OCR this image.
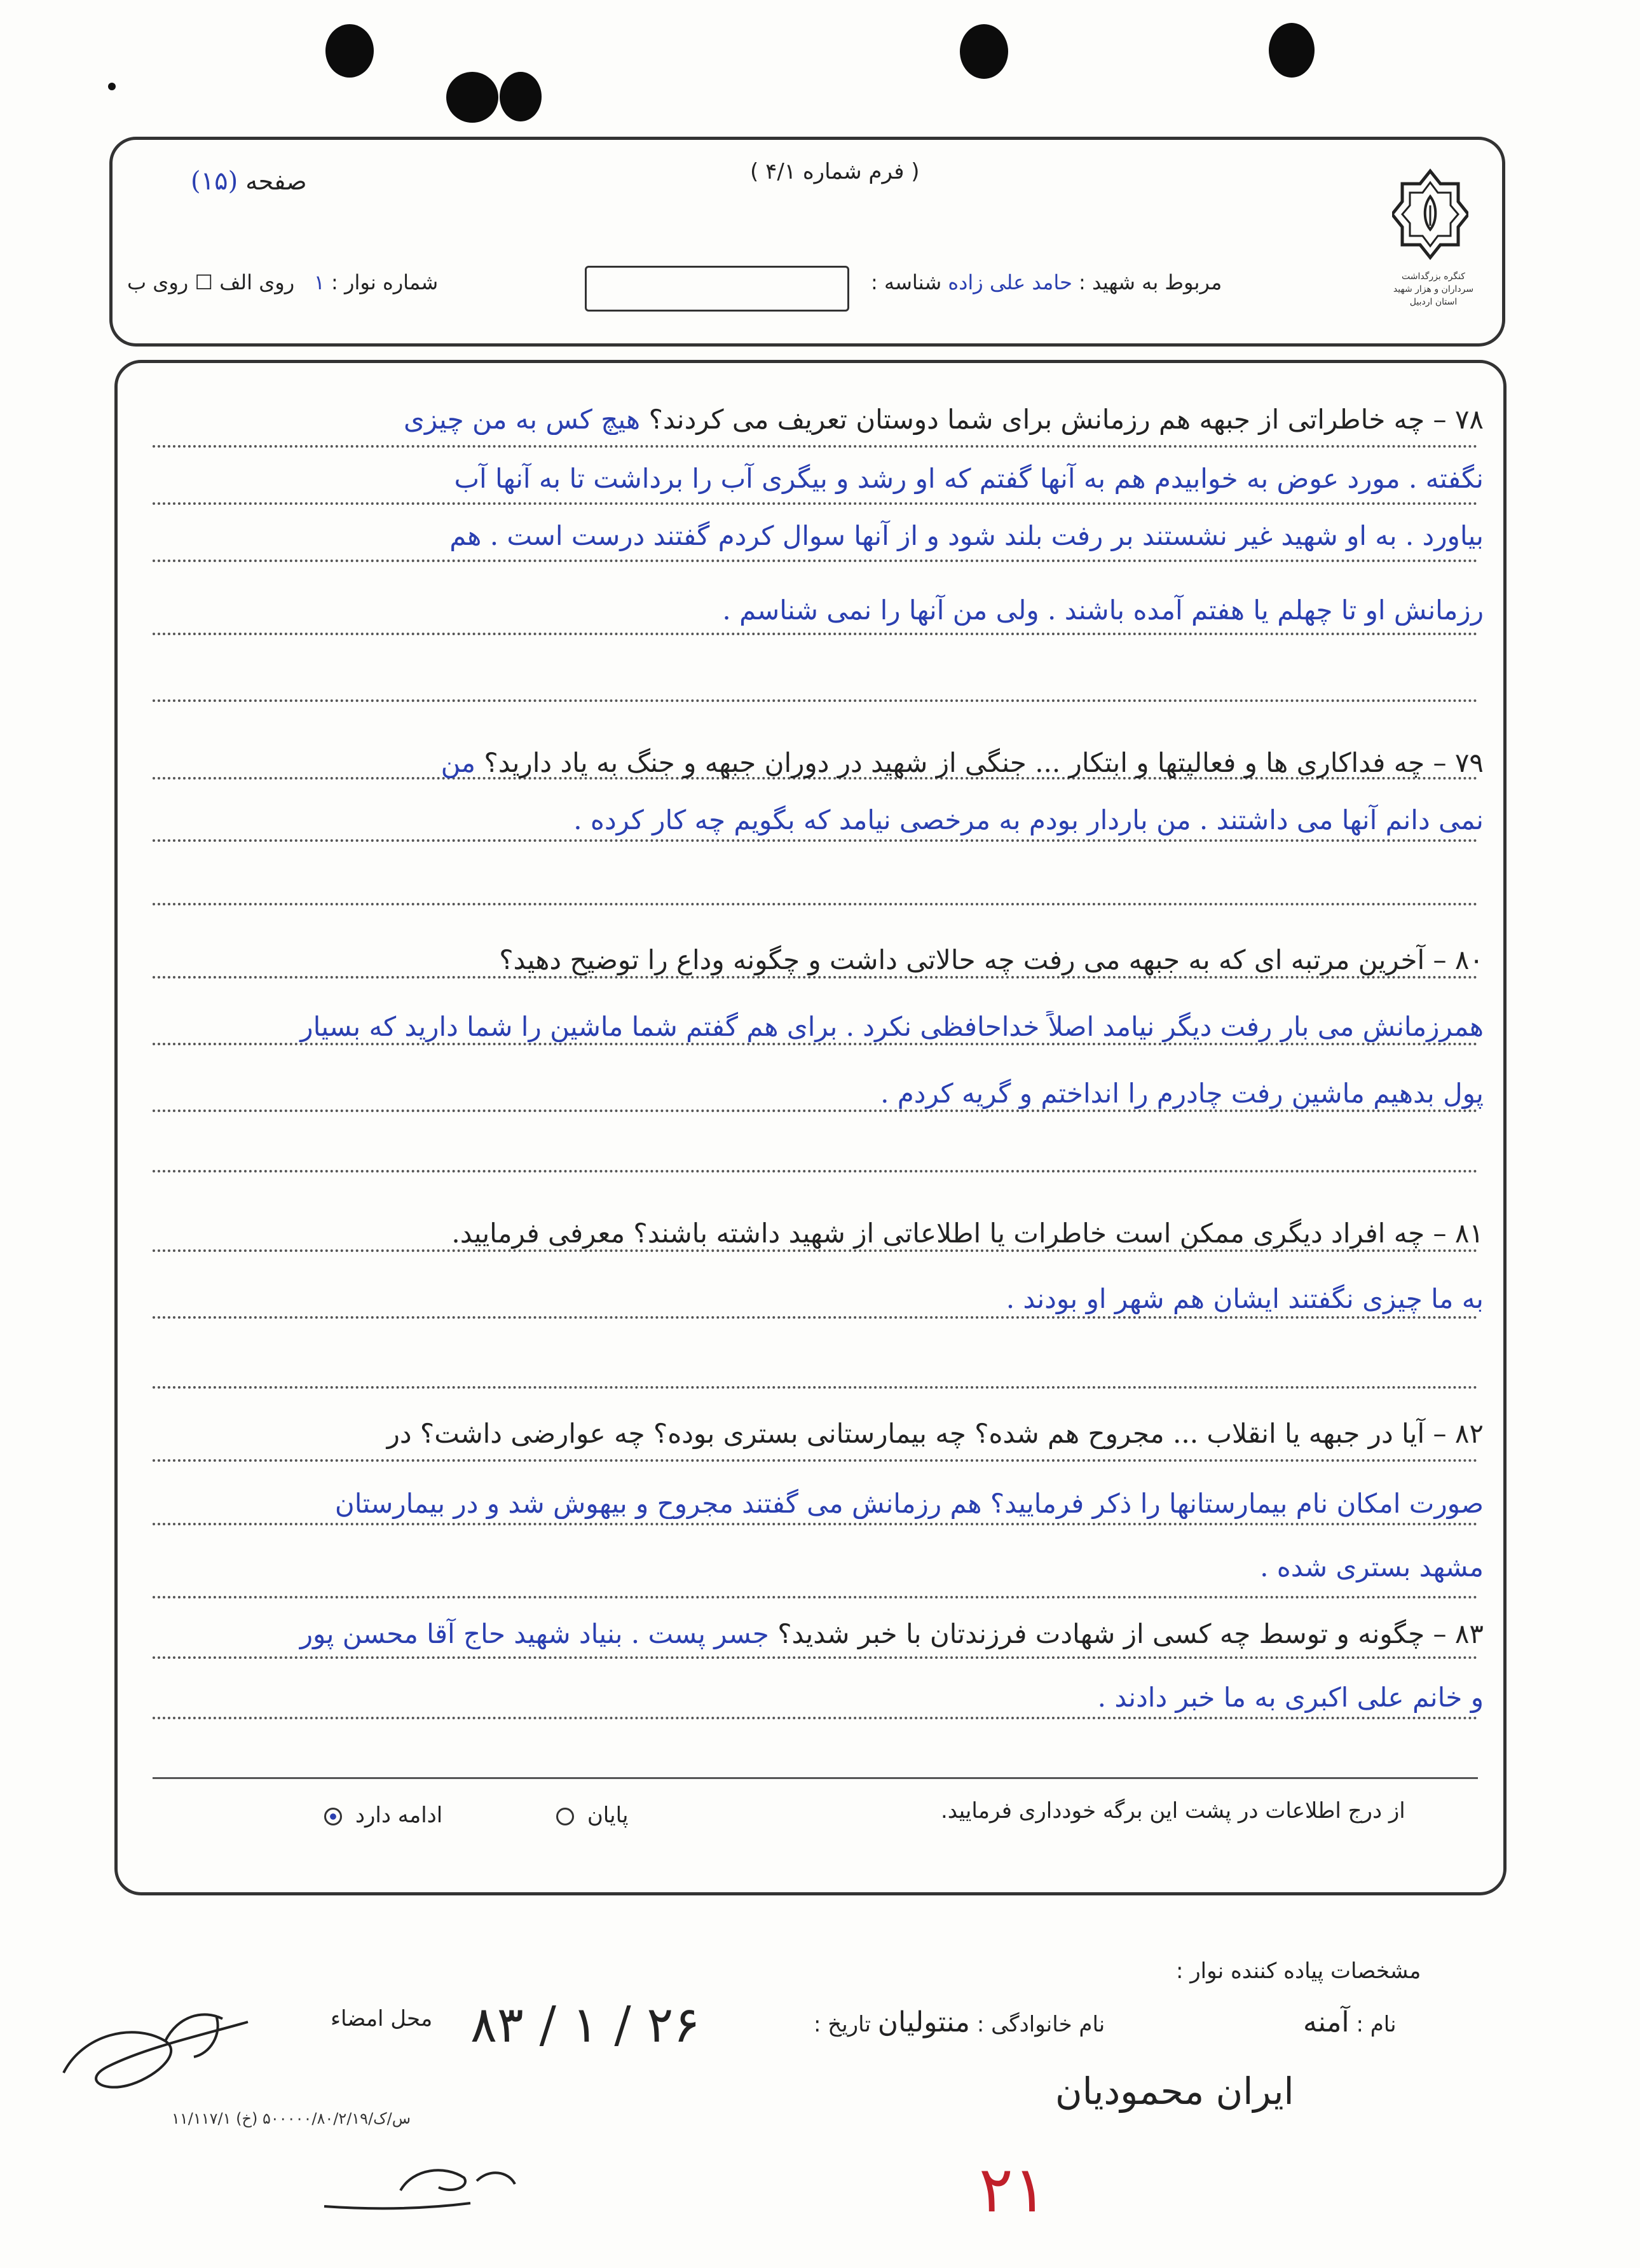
( فرم شماره ۴/۱ )
صفحه (۱۵)
کنگره بزرگداشت سرداران و هزار شهید استان اردبیل
مربوط به شهید : حامد علی زاده شناسه :
شماره نوار : ۱   روی الف ☐ روی ب
۷۸ – چه خاطراتی از جبهه هم رزمانش برای شما دوستان تعریف می کردند؟ هیچ کس به من چیزی
نگفته . مورد عوض به خوابیدم هم به آنها گفتم که او رشد و بیگری آب را برداشت تا به آنها آب
بیاورد . به او شهید غیر نشستند بر رفت بلند شود و از آنها سوال کردم گفتند درست است . هم
رزمانش او تا چهلم یا هفتم آمده باشند . ولی من آنها را نمی شناسم .
۷۹ – چه فداکاری ها و فعالیتها و ابتکار ... جنگی از شهید در دوران جبهه و جنگ به یاد دارید؟ من
نمی دانم آنها می داشتند . من باردار بودم به مرخصی نیامد که بگویم چه کار کرده .
۸۰ – آخرین مرتبه ای که به جبهه می رفت چه حالاتی داشت و چگونه وداع را توضیح دهید؟
همرزمانش می بار رفت دیگر نیامد اصلاً خداحافظی نکرد . برای هم گفتم شما ماشین را شما دارید که بسیار
پول بدهیم ماشین رفت چادرم را انداختم و گریه کردم .
۸۱ – چه افراد دیگری ممکن است خاطرات یا اطلاعاتی از شهید داشته باشند؟ معرفی فرمایید.
به ما چیزی نگفتند ایشان هم شهر او بودند .
۸۲ – آیا در جبهه یا انقلاب ... مجروح هم شده؟ چه بیمارستانی بستری بوده؟ چه عوارضی داشت؟ در
صورت امکان نام بیمارستانها را ذکر فرمایید؟ هم رزمانش می گفتند مجروح و بیهوش شد و در بیمارستان
مشهد بستری شده .
۸۳ – چگونه و توسط چه کسی از شهادت فرزندتان با خبر شدید؟ جسر پست . بنیاد شهید حاج آقا محسن پور
و خانم علی اکبری به ما خبر دادند .
از درج اطلاعات در پشت این برگه خودداری فرمایید.
پایان
ادامه دارد
مشخصات پیاده کننده نوار :
نام : آمنه
نام خانوادگی : منتولیان تاریخ :
۸۳ / ۱ / ۲۶
محل امضاء
ایران محمودیان
۱۱/۱۱۷/۱ س/ک/۵۰۰۰۰۰/۸۰/۲/۱۹ (خ)
۲۱
